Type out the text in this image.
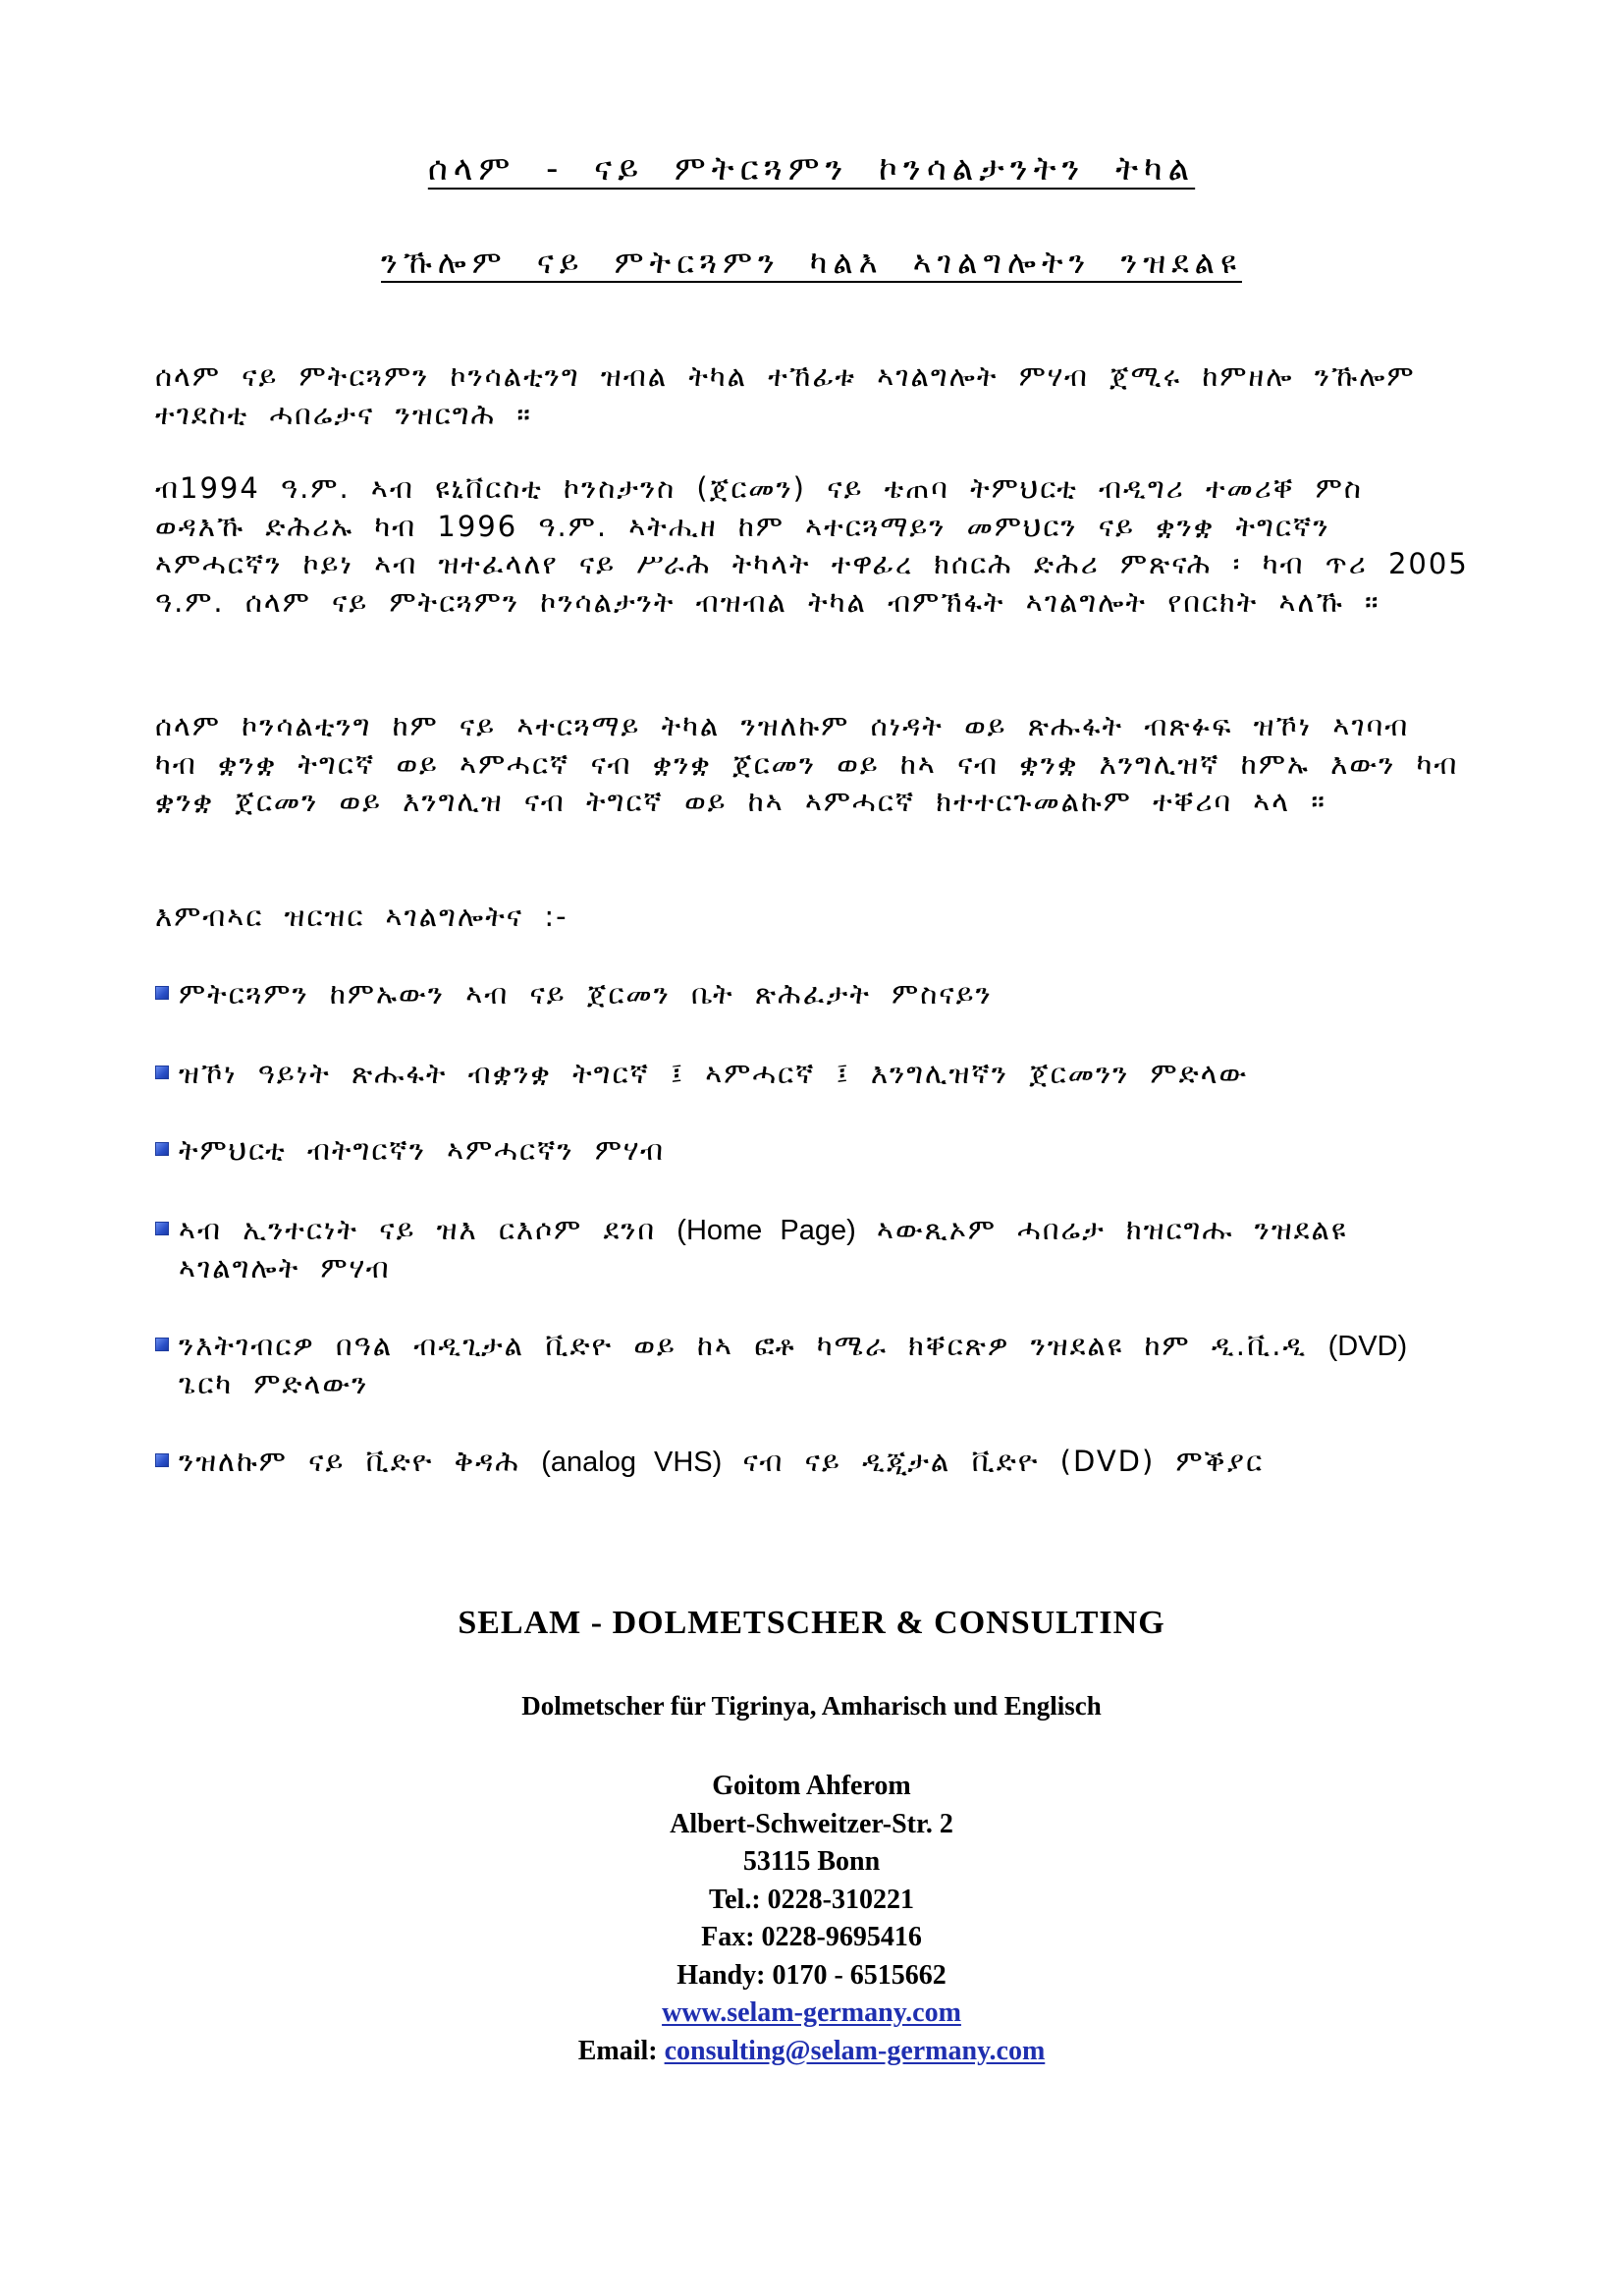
ሰላም - ናይ ምትርጓምን ኮንሳልታንትን ትካል
ንኹሎም ናይ ምትርጓምን ካልእ ኣገልግሎትን ንዝደልዩ
ሰላም ናይ ምትርጓምን ኮንሳልቲንግ ዝብል ትካል ተኸፊቱ ኣገልግሎት ምሃብ ጀሚሩ ከምዘሎ ንኹሎም ተገደስቲ ሓበሬታና ንዝርግሕ ።
ብ1994 ዓ.ም. ኣብ ዩኒቨርስቲ ኮንስታንስ (ጀርመን) ናይ ቴጠባ ትምህርቲ ብዲግሪ ተመሪቐ ምስ ወዳእኹ ድሕሪኡ ካብ 1996 ዓ.ም. ኣትሒዘ ከም ኣተርጓማይን መምህርን ናይ ቋንቋ ትግርኛን ኣምሓርኛን ኮይነ ኣብ ዝተፈላለየ ናይ ሥራሕ ትካላት ተዋፊረ ክሰርሕ ድሕሪ ምጽናሕ ፡ ካብ ጥሪ 2005 ዓ.ም. ሰላም ናይ ምትርጓምን ኮንሳልታንት ብዝብል ትካል ብምኽፋት ኣገልግሎት የበርክት ኣለኹ ።
ሰላም ኮንሳልቲንግ ከም ናይ ኣተርጓማይ ትካል ንዝለኩም ሰነዳት ወይ ጽሑፋት ብጽፉፍ ዝኾነ ኣገባብ ካብ ቋንቋ ትግርኛ ወይ ኣምሓርኛ ናብ ቋንቋ ጀርመን ወይ ከኣ ናብ ቋንቋ እንግሊዝኛ ከምኡ እውን ካብ ቋንቋ ጀርመን ወይ እንግሊዝ ናብ ትግርኛ ወይ ከኣ ኣምሓርኛ ክተተርጉመልኩም ተቐሪባ ኣላ ።
እምብኣር ዝርዝር ኣገልግሎትና :-
ምትርጓምን ከምኡውን ኣብ ናይ ጀርመን ቤት ጽሕፈታት ምስናይን
ዝኾነ ዓይነት ጽሑፋት ብቋንቋ ትግርኛ ፤ ኣምሓርኛ ፤ እንግሊዝኛን ጀርመንን ምድላው
ትምህርቲ ብትግርኛን ኣምሓርኛን ምሃብ
ኣብ ኢንተርነት ናይ ዝእ ርእሶም ደንበ (Home Page) ኣውጺኦም ሓበሬታ ክዝርግሑ ንዝደልዩ ኣገልግሎት ምሃብ
ንእትገብርዎ በዓል ብዲጊታል ቪድዮ ወይ ከኣ ፎቶ ካሜራ ክቐርጽዎ ንዝደልዩ ከም ዲ.ቪ.ዲ (DVD) ጌርካ ምድላውን
ንዝለኩም ናይ ቪድዮ ቅዳሕ (analog VHS) ናብ ናይ ዲጂታል ቪድዮ (DVD) ምቕያር
SELAM - DOLMETSCHER & CONSULTING
Dolmetscher für Tigrinya, Amharisch und Englisch
Goitom Ahferom
Albert-Schweitzer-Str. 2
53115 Bonn
Tel.: 0228-310221
Fax: 0228-9695416
Handy: 0170 - 6515662
www.selam-germany.com
Email: consulting@selam-germany.com
